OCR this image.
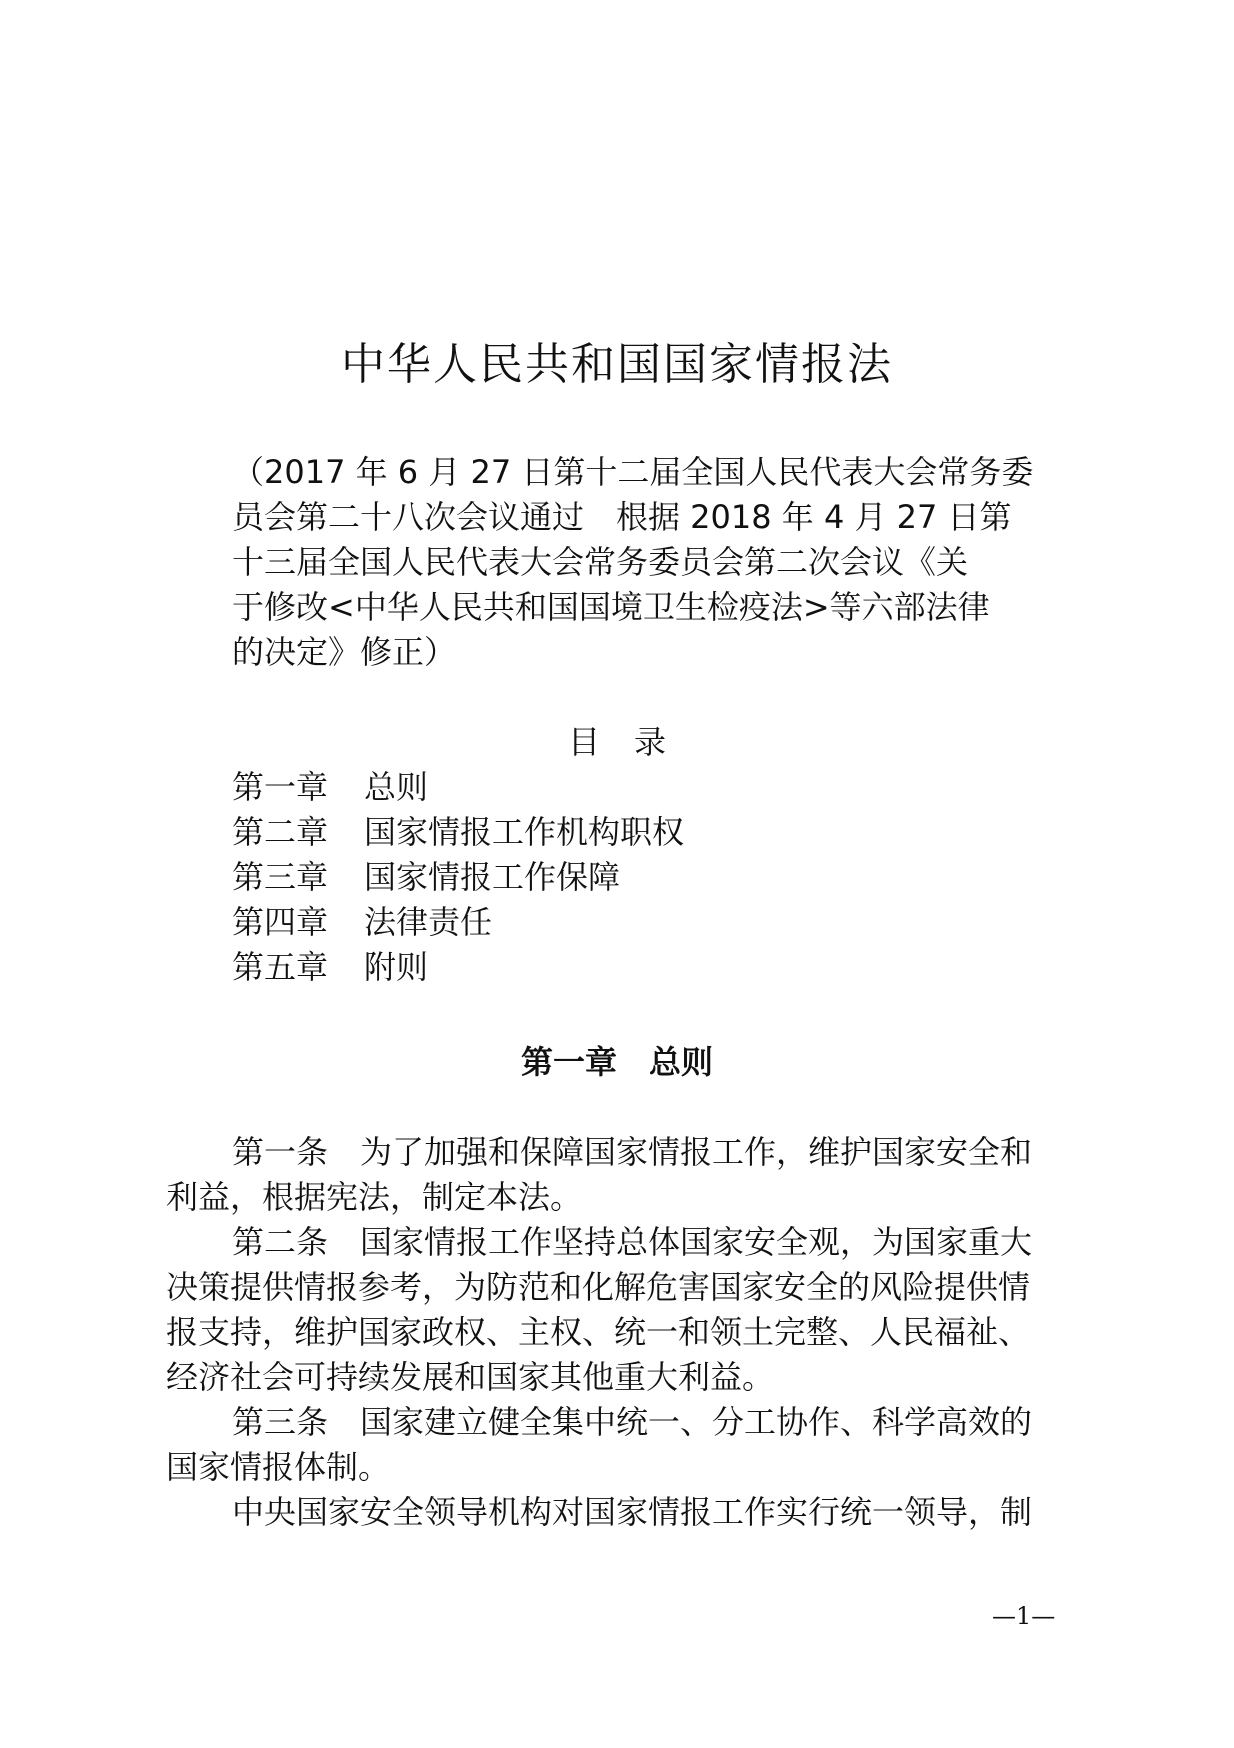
中华人民共和国国家情报法
（2017 年 6 月 27 日第十二届全国人民代表大会常务委
员会第二十八次会议通过　根据 2018 年 4 月 27 日第
十三届全国人民代表大会常务委员会第二次会议《关
于修改<中华人民共和国国境卫生检疫法>等六部法律
的决定》修正）
目录
第一章 总则
第二章 国家情报工作机构职权
第三章 国家情报工作保障
第四章 法律责任
第五章 附则
第一章　总则
第一条　为了加强和保障国家情报工作，维护国家安全和
利益，根据宪法，制定本法。
第二条　国家情报工作坚持总体国家安全观，为国家重大
决策提供情报参考，为防范和化解危害国家安全的风险提供情
报支持，维护国家政权、主权、统一和领土完整、人民福祉、
经济社会可持续发展和国家其他重大利益。
第三条　国家建立健全集中统一、分工协作、科学高效的
国家情报体制。
中央国家安全领导机构对国家情报工作实行统一领导，制
—1—
